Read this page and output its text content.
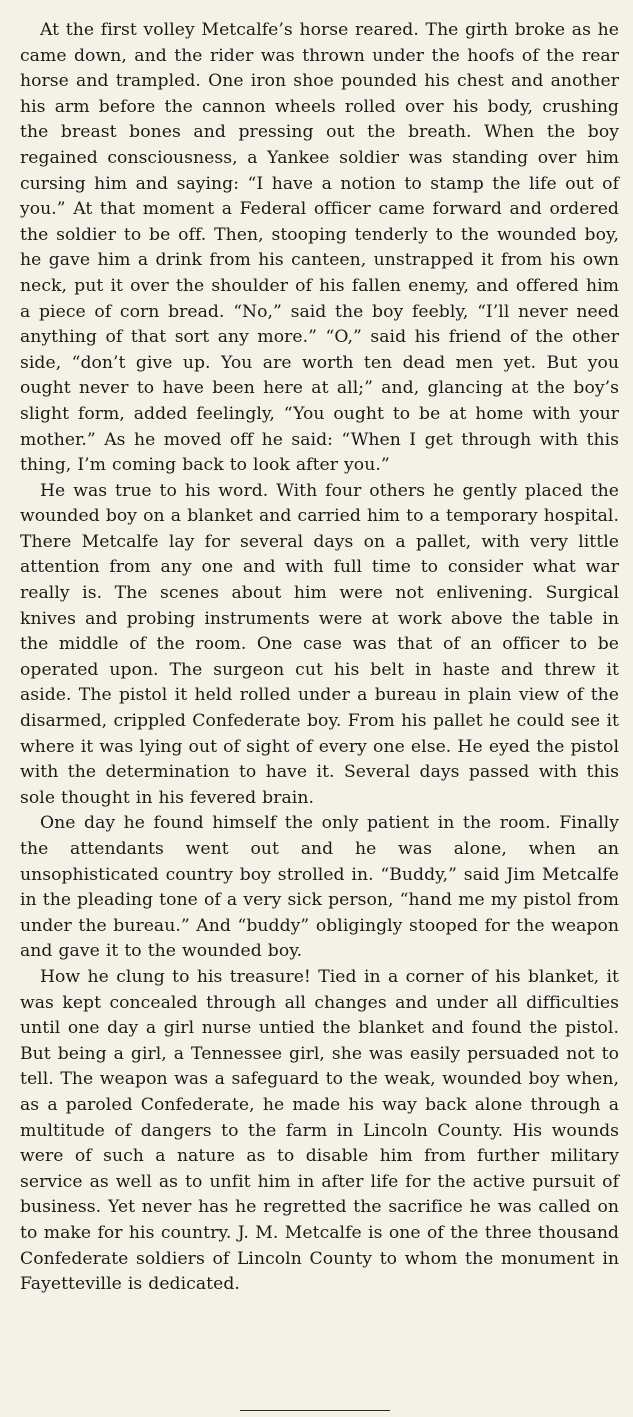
At the first volley Metcalfe’s horse reared. The girth broke as he came down, and the rider was thrown under the hoofs of the rear horse and trampled. One iron shoe pounded his chest and another his arm before the cannon wheels rolled over his body, crushing the breast bones and pressing out the breath. When the boy regained consciousness, a Yankee soldier was standing over him cursing him and saying: “I have a notion to stamp the life out of you.” At that moment a Federal officer came forward and ordered the soldier to be off. Then, stooping tenderly to the wounded boy, he gave him a drink from his canteen, unstrapped it from his own neck, put it over the shoulder of his fallen enemy, and offered him a piece of corn bread. “No,” said the boy feebly, “I’ll never need anything of that sort any more.” “O,” said his friend of the other side, “don’t give up. You are worth ten dead men yet. But you ought never to have been here at all;” and, glancing at the boy’s slight form, added feelingly, “You ought to be at home with your mother.” As he moved off he said: “When I get through with this thing, I’m coming back to look after you.”

He was true to his word. With four others he gently placed the wounded boy on a blanket and carried him to a temporary hospital. There Metcalfe lay for several days on a pallet, with very little attention from any one and with full time to consider what war really is. The scenes about him were not enlivening. Surgical knives and probing instruments were at work above the table in the middle of the room. One case was that of an officer to be operated upon. The surgeon cut his belt in haste and threw it aside. The pistol it held rolled under a bureau in plain view of the disarmed, crippled Confederate boy. From his pallet he could see it where it was lying out of sight of every one else. He eyed the pistol with the determination to have it. Several days passed with this sole thought in his fevered brain.

One day he found himself the only patient in the room. Finally the attendants went out and he was alone, when an unsophisticated country boy strolled in. “Buddy,” said Jim Metcalfe in the pleading tone of a very sick person, “hand me my pistol from under the bureau.” And “buddy” obligingly stooped for the weapon and gave it to the wounded boy.

How he clung to his treasure! Tied in a corner of his blanket, it was kept concealed through all changes and under all difficulties until one day a girl nurse untied the blanket and found the pistol. But being a girl, a Tennessee girl, she was easily persuaded not to tell. The weapon was a safeguard to the weak, wounded boy when, as a paroled Confederate, he made his way back alone through a multitude of dangers to the farm in Lincoln County. His wounds were of such a nature as to disable him from further military service as well as to unfit him in after life for the active pursuit of business. Yet never has he regretted the sacrifice he was called on to make for his country. J. M. Metcalfe is one of the three thousand Confederate soldiers of Lincoln County to whom the monument in Fayetteville is dedicated.
